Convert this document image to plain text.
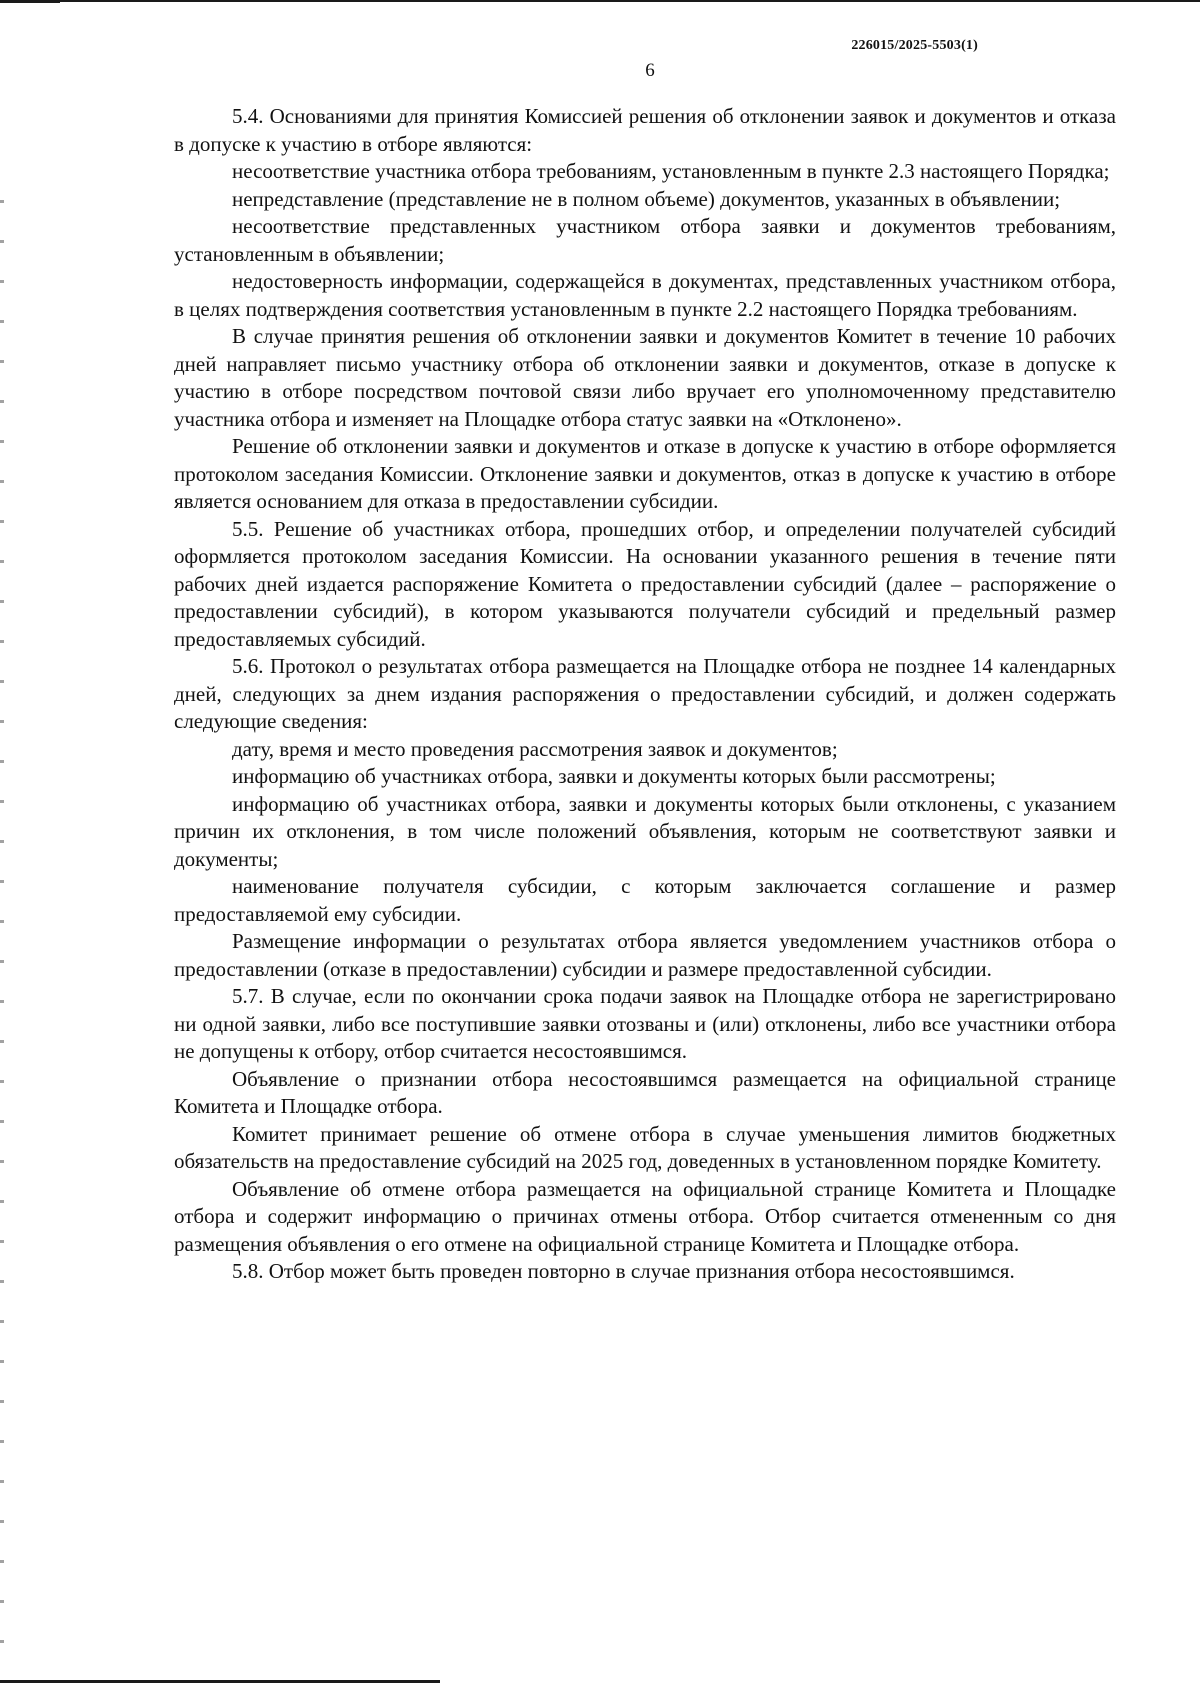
226015/2025-5503(1)
6

5.4. Основаниями для принятия Комиссией решения об отклонении заявок и документов и отказа в допуске к участию в отборе являются:

несоответствие участника отбора требованиям, установленным в пункте 2.3 настоящего Порядка;

непредставление (представление не в полном объеме) документов, указанных в объявлении;

несоответствие представленных участником отбора заявки и документов требованиям, установленным в объявлении;

недостоверность информации, содержащейся в документах, представленных участником отбора, в целях подтверждения соответствия установленным в пункте 2.2 настоящего Порядка требованиям.

В случае принятия решения об отклонении заявки и документов Комитет в течение 10 рабочих дней направляет письмо участнику отбора об отклонении заявки и документов, отказе в допуске к участию в отборе посредством почтовой связи либо вручает его уполномоченному представителю участника отбора и изменяет на Площадке отбора статус заявки на «Отклонено».

Решение об отклонении заявки и документов и отказе в допуске к участию в отборе оформляется протоколом заседания Комиссии. Отклонение заявки и документов, отказ в допуске к участию в отборе является основанием для отказа в предоставлении субсидии.

5.5. Решение об участниках отбора, прошедших отбор, и определении получателей субсидий оформляется протоколом заседания Комиссии. На основании указанного решения в течение пяти рабочих дней издается распоряжение Комитета о предоставлении субсидий (далее – распоряжение о предоставлении субсидий), в котором указываются получатели субсидий и предельный размер предоставляемых субсидий.

5.6. Протокол о результатах отбора размещается на Площадке отбора не позднее 14 календарных дней, следующих за днем издания распоряжения о предоставлении субсидий, и должен содержать следующие сведения:

дату, время и место проведения рассмотрения заявок и документов;

информацию об участниках отбора, заявки и документы которых были рассмотрены;

информацию об участниках отбора, заявки и документы которых были отклонены, с указанием причин их отклонения, в том числе положений объявления, которым не соответствуют заявки и документы;

наименование получателя субсидии, с которым заключается соглашение и размер предоставляемой ему субсидии.

Размещение информации о результатах отбора является уведомлением участников отбора о предоставлении (отказе в предоставлении) субсидии и размере предоставленной субсидии.

5.7. В случае, если по окончании срока подачи заявок на Площадке отбора не зарегистрировано ни одной заявки, либо все поступившие заявки отозваны и (или) отклонены, либо все участники отбора не допущены к отбору, отбор считается несостоявшимся.

Объявление о признании отбора несостоявшимся размещается на официальной странице Комитета и Площадке отбора.

Комитет принимает решение об отмене отбора в случае уменьшения лимитов бюджетных обязательств на предоставление субсидий на 2025 год, доведенных в установленном порядке Комитету.

Объявление об отмене отбора размещается на официальной странице Комитета и Площадке отбора и содержит информацию о причинах отмены отбора. Отбор считается отмененным со дня размещения объявления о его отмене на официальной странице Комитета и Площадке отбора.

5.8. Отбор может быть проведен повторно в случае признания отбора несостоявшимся.
